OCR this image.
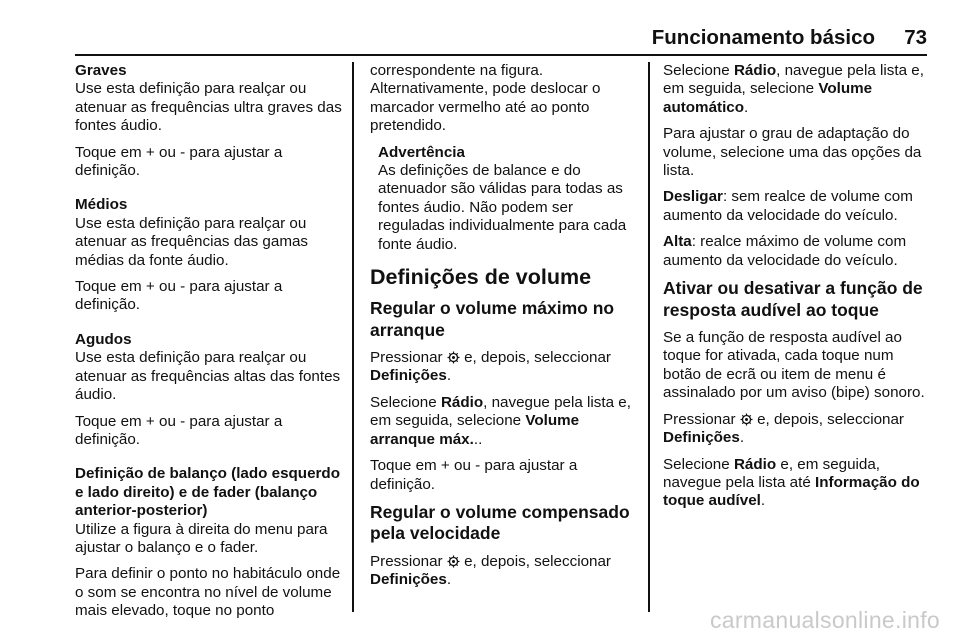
Funcionamento básico 73

Graves
Use esta definição para realçar ou atenuar as frequências ultra graves das fontes áudio.

Toque em + ou - para ajustar a definição.

Médios
Use esta definição para realçar ou atenuar as frequências das gamas médias da fonte áudio.

Toque em + ou - para ajustar a definição.

Agudos
Use esta definição para realçar ou atenuar as frequências altas das fontes áudio.

Toque em + ou - para ajustar a definição.

Definição de balanço (lado esquerdo e lado direito) e de fader (balanço anterior-posterior)
Utilize a figura à direita do menu para ajustar o balanço e o fader.

Para definir o ponto no habitáculo onde o som se encontra no nível de volume mais elevado, toque no ponto

correspondente na figura. Alternativamente, pode deslocar o marcador vermelho até ao ponto pretendido.

Advertência
As definições de balance e do atenuador são válidas para todas as fontes áudio. Não podem ser reguladas individualmente para cada fonte áudio.
Definições de volume
Regular o volume máximo no arranque

Pressionar e, depois, seleccionar
Definições.

Selecione Rádio, navegue pela lista e, em seguida, selecione Volume arranque máx...

Toque em + ou - para ajustar a definição.

Regular o volume compensado pela velocidade

Pressionar e, depois, seleccionar
Definições.

Selecione Rádio, navegue pela lista e, em seguida, selecione Volume automático.

Para ajustar o grau de adaptação do volume, selecione uma das opções da lista.

Desligar: sem realce de volume com aumento da velocidade do veículo.

Alta: realce máximo de volume com aumento da velocidade do veículo.

Ativar ou desativar a função de resposta audível ao toque

Se a função de resposta audível ao toque for ativada, cada toque num botão de ecrã ou item de menu é assinalado por um aviso (bipe) sonoro.

Pressionar e, depois, seleccionar
Definições.

Selecione Rádio e, em seguida, navegue pela lista até Informação do toque audível.

carmanualsonline.info
